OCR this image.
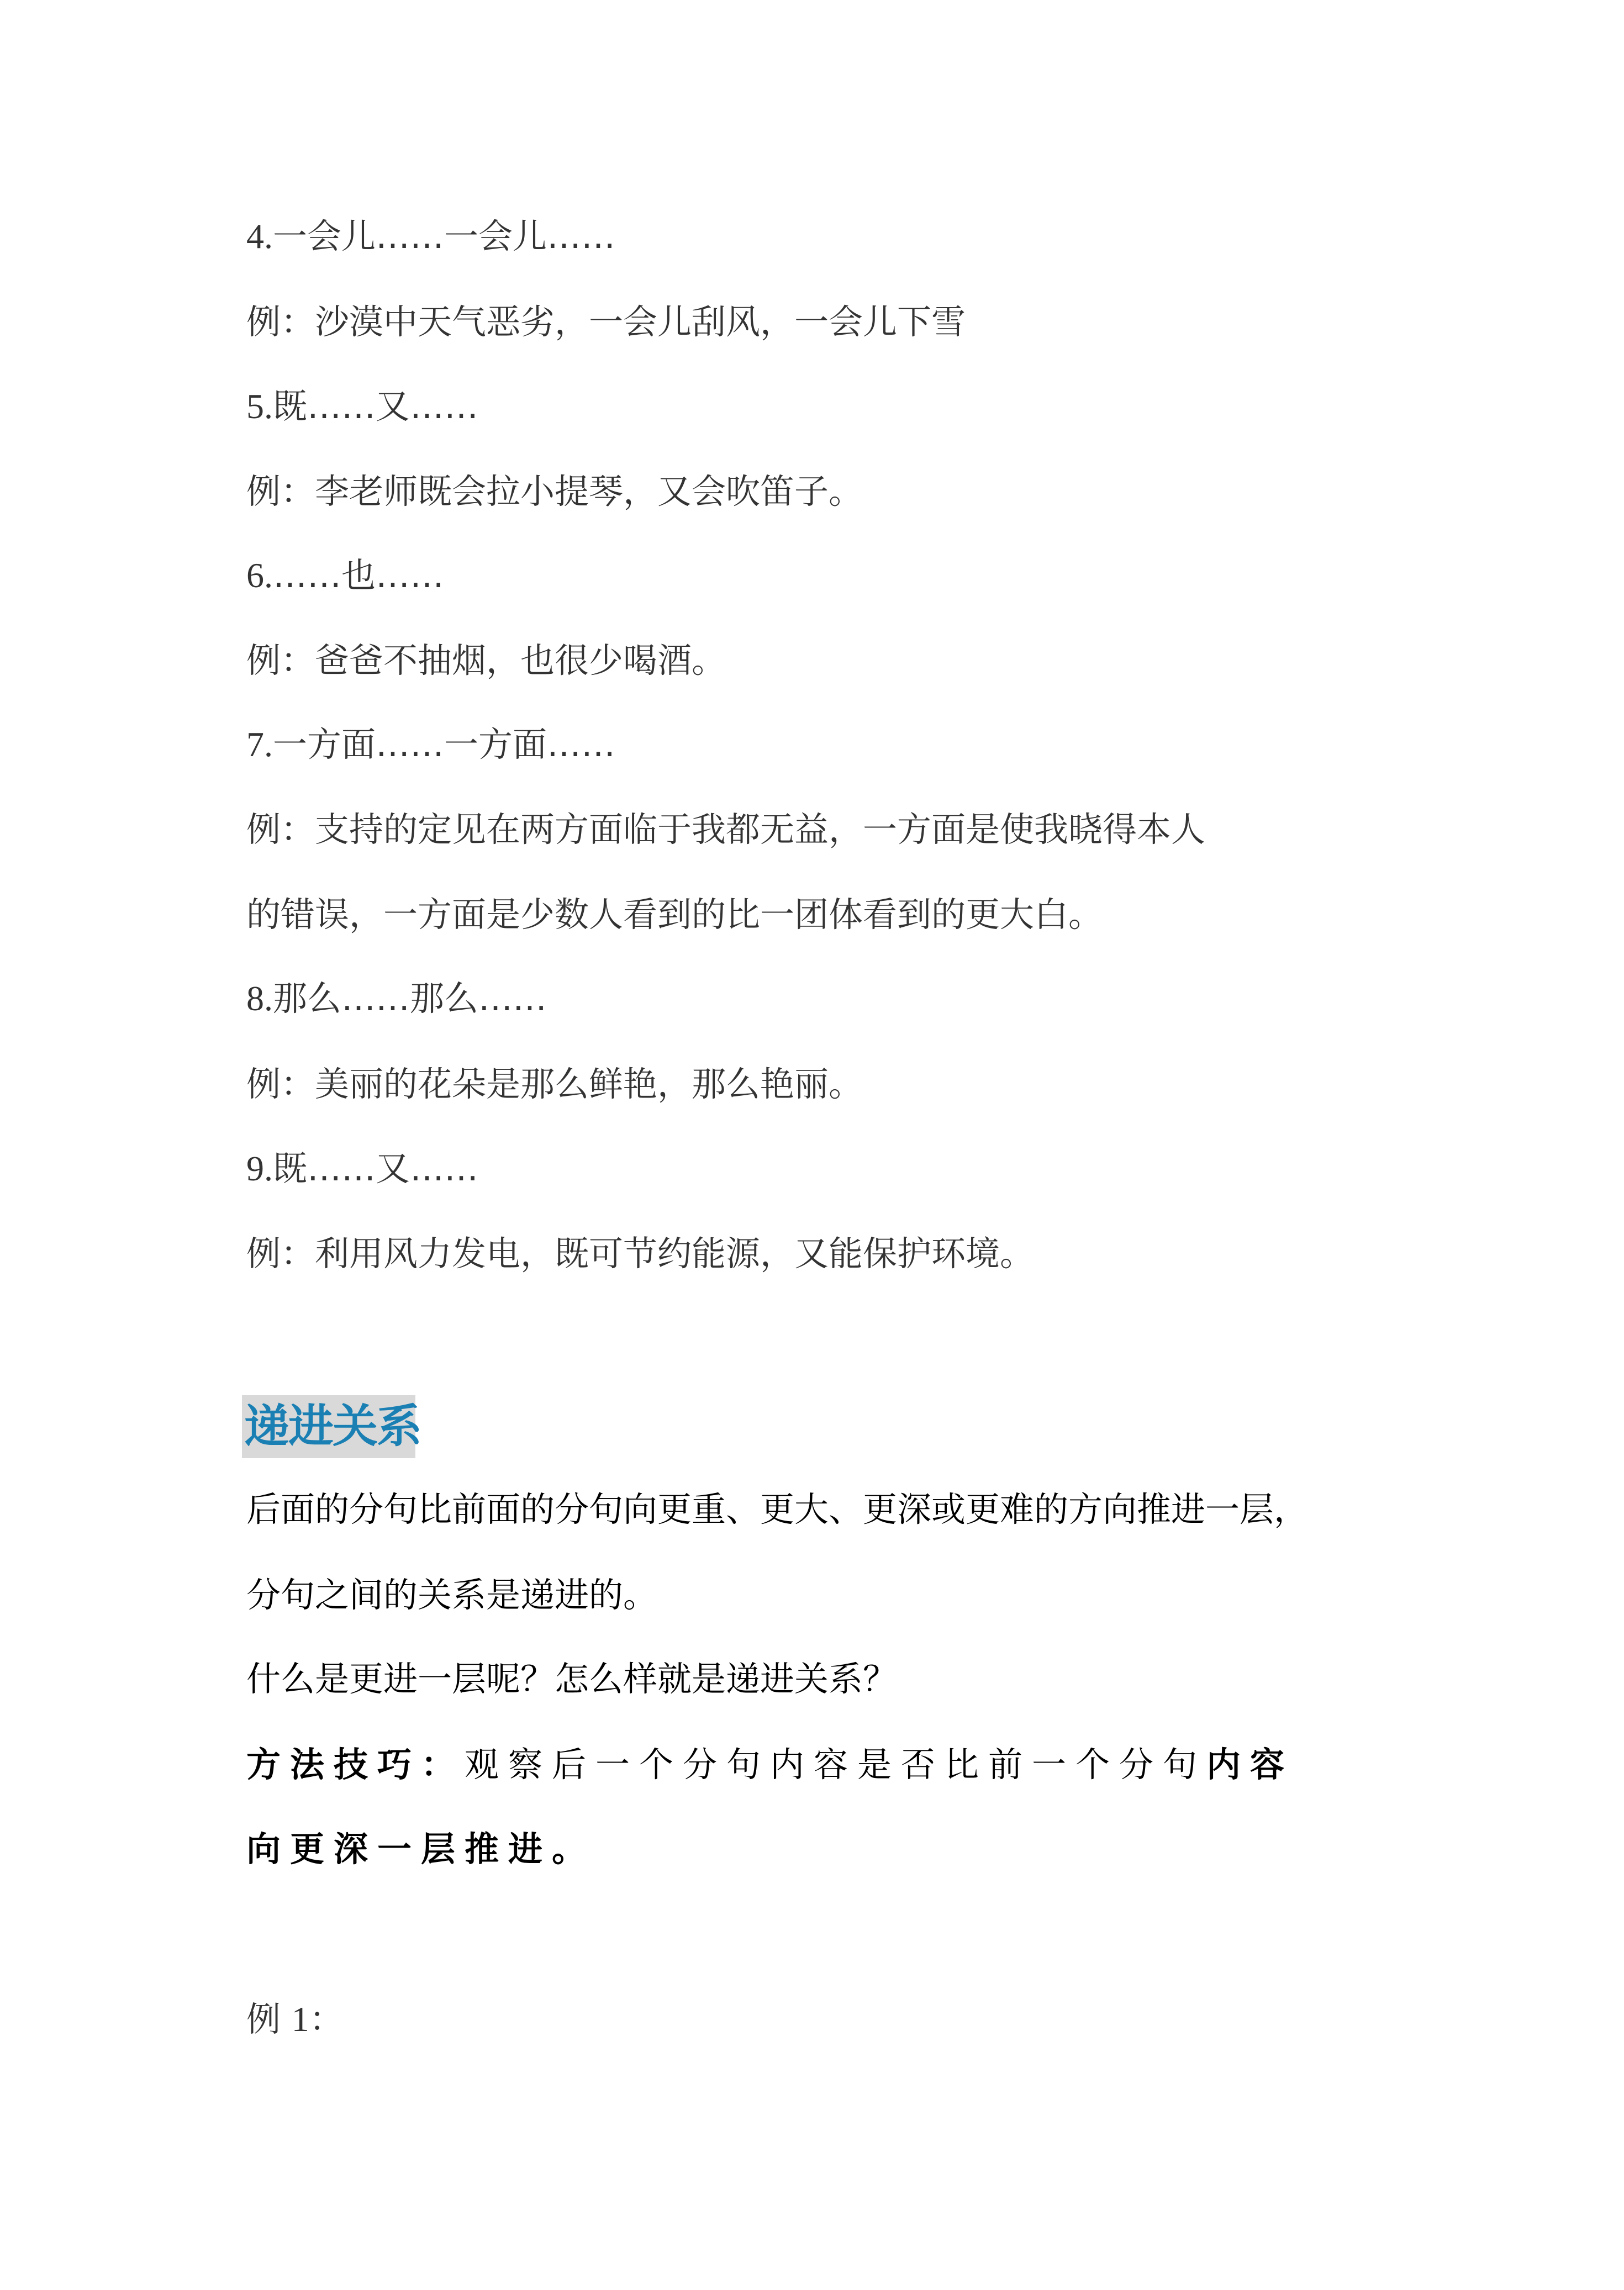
4.一会儿……一会儿……
例：沙漠中天气恶劣，一会儿刮风，一会儿下雪
5.既……又……
例：李老师既会拉小提琴，又会吹笛子。
6.……也……
例：爸爸不抽烟，也很少喝酒。
7.一方面……一方面……
例：支持的定见在两方面临于我都无益，一方面是使我晓得本人
的错误，一方面是少数人看到的比一团体看到的更大白。
8.那么……那么……
例：美丽的花朵是那么鲜艳，那么艳丽。
9.既……又……
例：利用风力发电，既可节约能源，又能保护环境。
递进关系
后面的分句比前面的分句向更重、更大、更深或更难的方向推进一层，
分句之间的关系是递进的。
什么是更进一层呢？怎么样就是递进关系？
方法技巧：观察后一个分句内容是否比前一个分句内容
向更深一层推进。
例 1：
